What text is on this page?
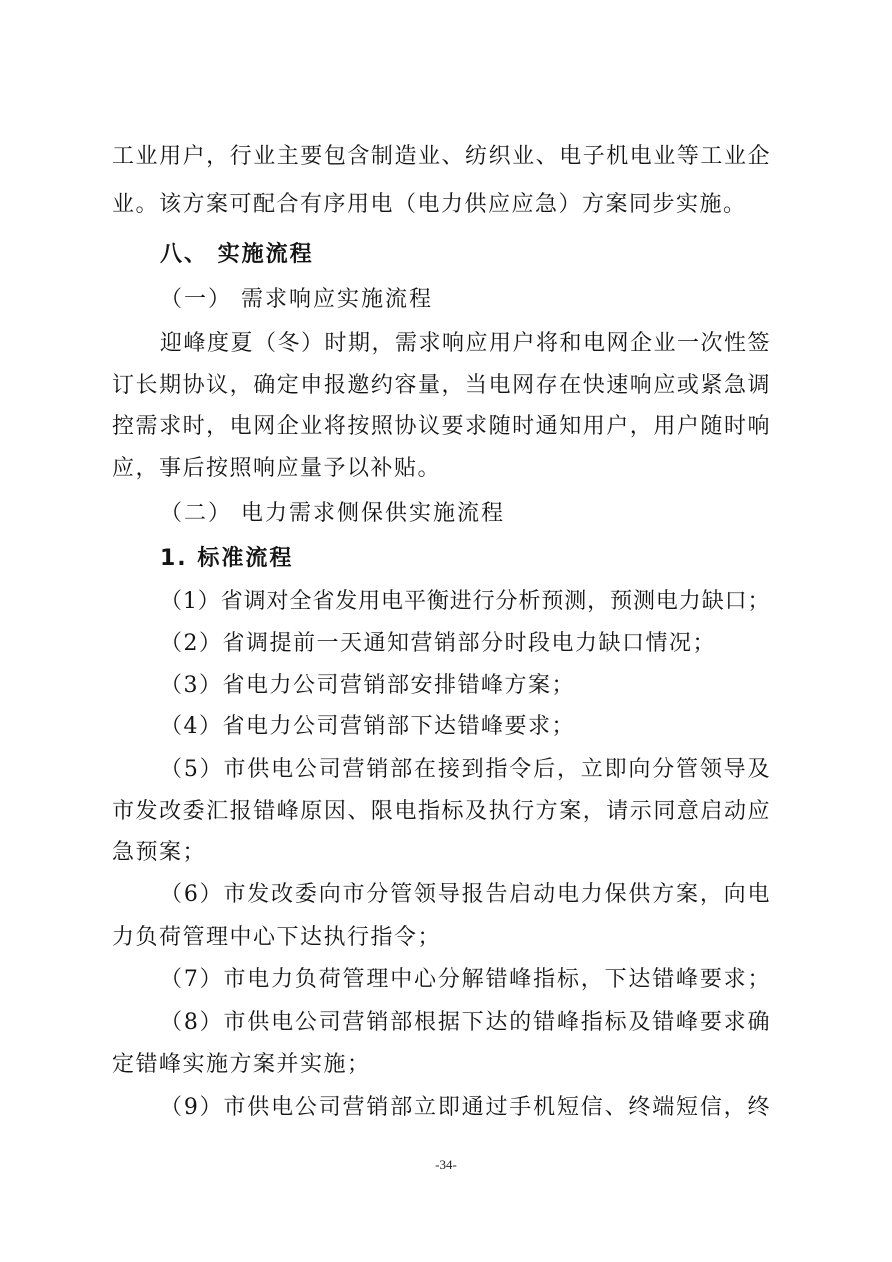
工业用户，行业主要包含制造业、纺织业、电子机电业等工业企
业。该方案可配合有序用电（电力供应应急）方案同步实施。
八、 实施流程
（一） 需求响应实施流程
迎峰度夏（冬）时期，需求响应用户将和电网企业一次性签
订长期协议，确定申报邀约容量，当电网存在快速响应或紧急调
控需求时，电网企业将按照协议要求随时通知用户，用户随时响
应，事后按照响应量予以补贴。
（二） 电力需求侧保供实施流程
1. 标准流程
（1）省调对全省发用电平衡进行分析预测，预测电力缺口；
（2）省调提前一天通知营销部分时段电力缺口情况；
（3）省电力公司营销部安排错峰方案；
（4）省电力公司营销部下达错峰要求；
（5）市供电公司营销部在接到指令后，立即向分管领导及
市发改委汇报错峰原因、限电指标及执行方案，请示同意启动应
急预案；
（6）市发改委向市分管领导报告启动电力保供方案，向电
力负荷管理中心下达执行指令；
（7）市电力负荷管理中心分解错峰指标，下达错峰要求；
（8）市供电公司营销部根据下达的错峰指标及错峰要求确
定错峰实施方案并实施；
（9）市供电公司营销部立即通过手机短信、终端短信，终
-34-
